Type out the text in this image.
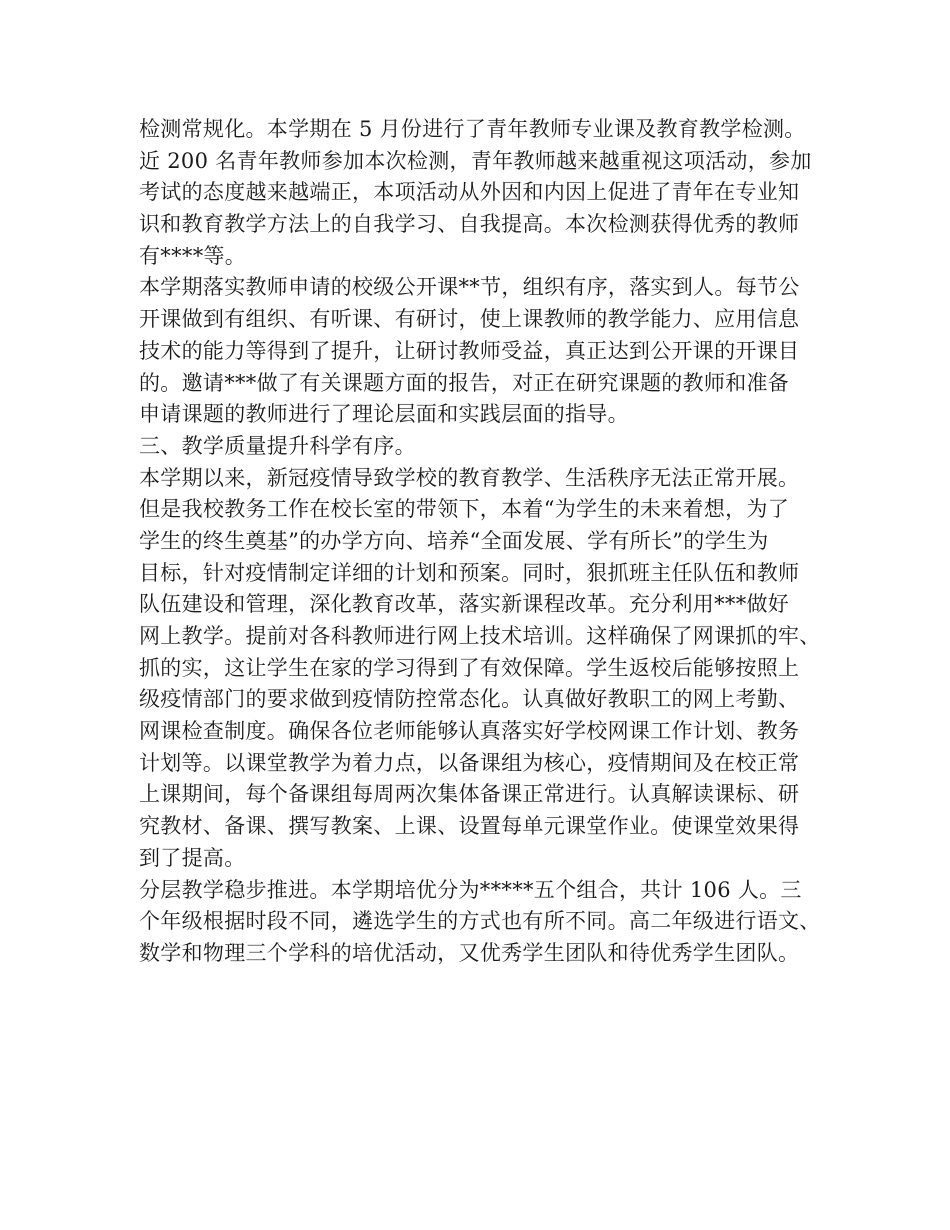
检测常规化。本学期在 5 月份进行了青年教师专业课及教育教学检测。
近 200 名青年教师参加本次检测，青年教师越来越重视这项活动，参加
考试的态度越来越端正，本项活动从外因和内因上促进了青年在专业知
识和教育教学方法上的自我学习、自我提高。本次检测获得优秀的教师
有****等。
本学期落实教师申请的校级公开课**节，组织有序，落实到人。每节公
开课做到有组织、有听课、有研讨，使上课教师的教学能力、应用信息
技术的能力等得到了提升，让研讨教师受益，真正达到公开课的开课目
的。邀请***做了有关课题方面的报告，对正在研究课题的教师和准备
申请课题的教师进行了理论层面和实践层面的指导。
三、教学质量提升科学有序。
本学期以来，新冠疫情导致学校的教育教学、生活秩序无法正常开展。
但是我校教务工作在校长室的带领下，本着“为学生的未来着想，为了
学生的终生奠基”的办学方向、培养“全面发展、学有所长”的学生为
目标，针对疫情制定详细的计划和预案。同时，狠抓班主任队伍和教师
队伍建设和管理，深化教育改革，落实新课程改革。充分利用***做好
网上教学。提前对各科教师进行网上技术培训。这样确保了网课抓的牢、
抓的实，这让学生在家的学习得到了有效保障。学生返校后能够按照上
级疫情部门的要求做到疫情防控常态化。认真做好教职工的网上考勤、
网课检查制度。确保各位老师能够认真落实好学校网课工作计划、教务
计划等。以课堂教学为着力点，以备课组为核心，疫情期间及在校正常
上课期间，每个备课组每周两次集体备课正常进行。认真解读课标、研
究教材、备课、撰写教案、上课、设置每单元课堂作业。使课堂效果得
到了提高。
分层教学稳步推进。本学期培优分为*****五个组合，共计 106 人。三
个年级根据时段不同，遴选学生的方式也有所不同。高二年级进行语文、
数学和物理三个学科的培优活动，又优秀学生团队和待优秀学生团队。
